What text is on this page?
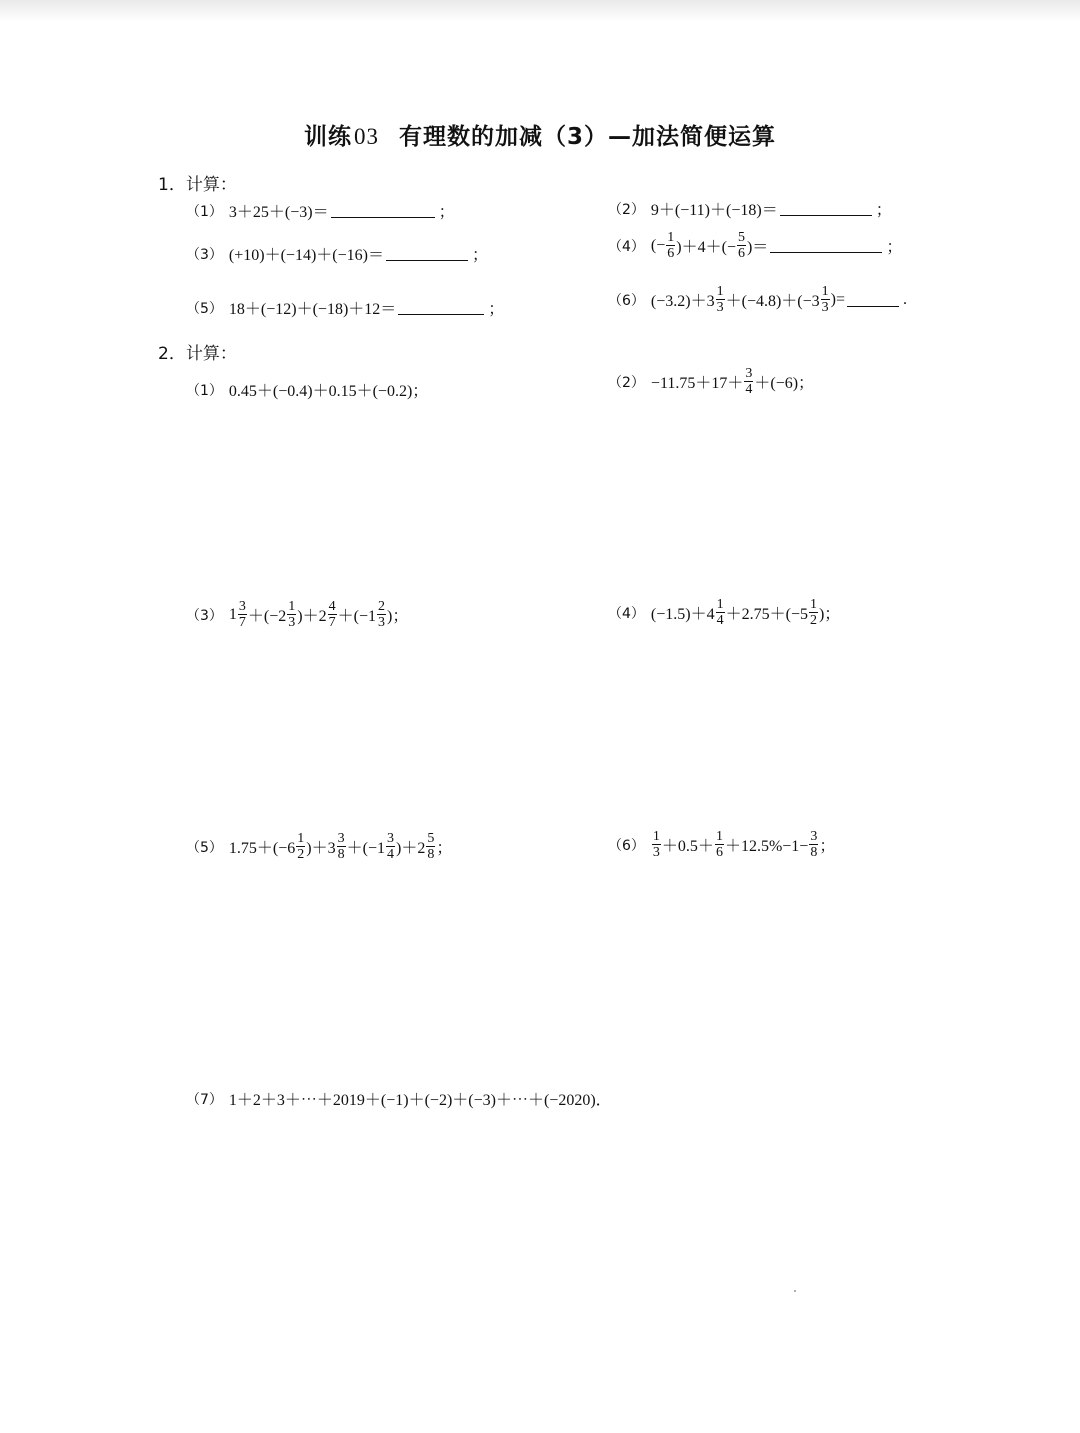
训练03 有理数的加减（3）—加法简便运算
1．计算：
（1） 3＋25＋(−3)＝	；	（2） 9＋(−11)＋(−18)＝	；
（3） (+10)＋(−14)＋(−16)＝	；
（4） (− $\frac{1}{6} )+4+(- \frac{5}{6}$ )＝	；
（5） 18＋(−12)＋(−18)＋12＝	；
（6） $(-3.2)+3 \frac{1}{3} +(-4.8)+(-3 \frac{1}{3}$ )=	.
2．计算：
（1） 0.45＋(−0.4)＋0.15＋(−0.2)；
$(2) -11.75+17+ \frac{3}{4} +(-6)$；
（3） $1 \frac{3}{7} +(-2 \frac{1}{3} )+2 \frac{4}{7} +(-1 \frac{2}{3}$ )；	（4） $(-1.5)+4 \frac{1}{4} +2.75+(-5 \frac{1}{2}$ )；
（5） $1.75+(-6 \frac{1}{2} )+3 \frac{3}{8} +(-1 \frac{3}{4} )+2 \frac{5}{8}$ ；	$(6) \frac{1}{3} +0.5+ \frac{1}{6} +12.5\%-1- \frac{3}{8}$ ；
（7） 1＋2＋3＋⋯＋2019＋(−1)＋(−2)＋(−3)＋⋯＋(−2020)．
